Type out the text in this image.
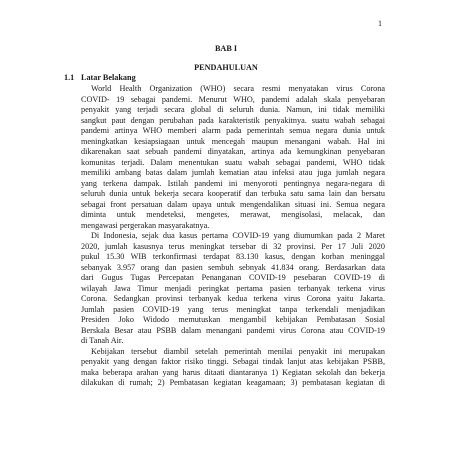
1
BAB I
PENDAHULUAN
1.1 Latar Belakang
World Health Organization (WHO) secara resmi menyatakan virus Corona
COVID- 19 sebagai pandemi. Menurut WHO, pandemi adalah skala penyebaran
penyakit yang terjadi secara global di seluruh dunia. Namun, ini tidak memiliki
sangkut paut dengan perubahan pada karakteristik penyakitnya. suatu wabah sebagai
pandemi artinya WHO memberi alarm pada pemerintah semua negara dunia untuk
meningkatkan kesiapsiagaan untuk mencegah maupun menangani wabah. Hal ini
dikarenakan saat sebuah pandemi dinyatakan, artinya ada kemungkinan penyebaran
komunitas terjadi. Dalam menentukan suatu wabah sebagai pandemi, WHO tidak
memiliki ambang batas dalam jumlah kematian atau infeksi atau juga jumlah negara
yang terkena dampak. Istilah pandemi ini menyoroti pentingnya negara-negara di
seluruh dunia untuk bekerja secara kooperatif dan terbuka satu sama lain dan bersatu
sebagai front persatuan dalam upaya untuk mengendalikan situasi ini. Semua negara
diminta untuk mendeteksi, mengetes, merawat, mengisolasi, melacak, dan
mengawasi pergerakan masyarakatnya.
Di Indonesia, sejak dua kasus pertama COVID-19 yang diumumkan pada 2 Maret
2020, jumlah kasusnya terus meningkat tersebar di 32 provinsi. Per 17 Juli 2020
pukul 15.30 WIB terkonfirmasi terdapat 83.130 kasus, dengan korban meninggal
sebanyak 3.957 orang dan pasien sembuh sebnyak 41.834 orang. Berdasarkan data
dari Gugus Tugas Percepatan Penanganan COVID-19 pesebaran COVID-19 di
wilayah Jawa Timur menjadi peringkat pertama pasien terbanyak terkena virus
Corona. Sedangkan provinsi terbanyak kedua terkena virus Corona yaitu Jakarta.
Jumlah pasien COVID-19 yang terus meningkat tanpa terkendali menjadikan
Presiden Joko Widodo memutuskan mengambil kebijakan Pembatasan Sosial
Berskala Besar atau PSBB dalam menangani pandemi virus Corona atau COVID-19
di Tanah Air.
Kebijakan tersebut diambil setelah pemerintah menilai penyakit ini merupakan
penyakit yang dengan faktor risiko tinggi. Sebagai tindak lanjut atas kebijakan PSBB,
maka beberapa arahan yang harus ditaati diantaranya 1) Kegiatan sekolah dan bekerja
dilakukan di rumah; 2) Pembatasan kegiatan keagamaan; 3) pembatasan kegiatan di
